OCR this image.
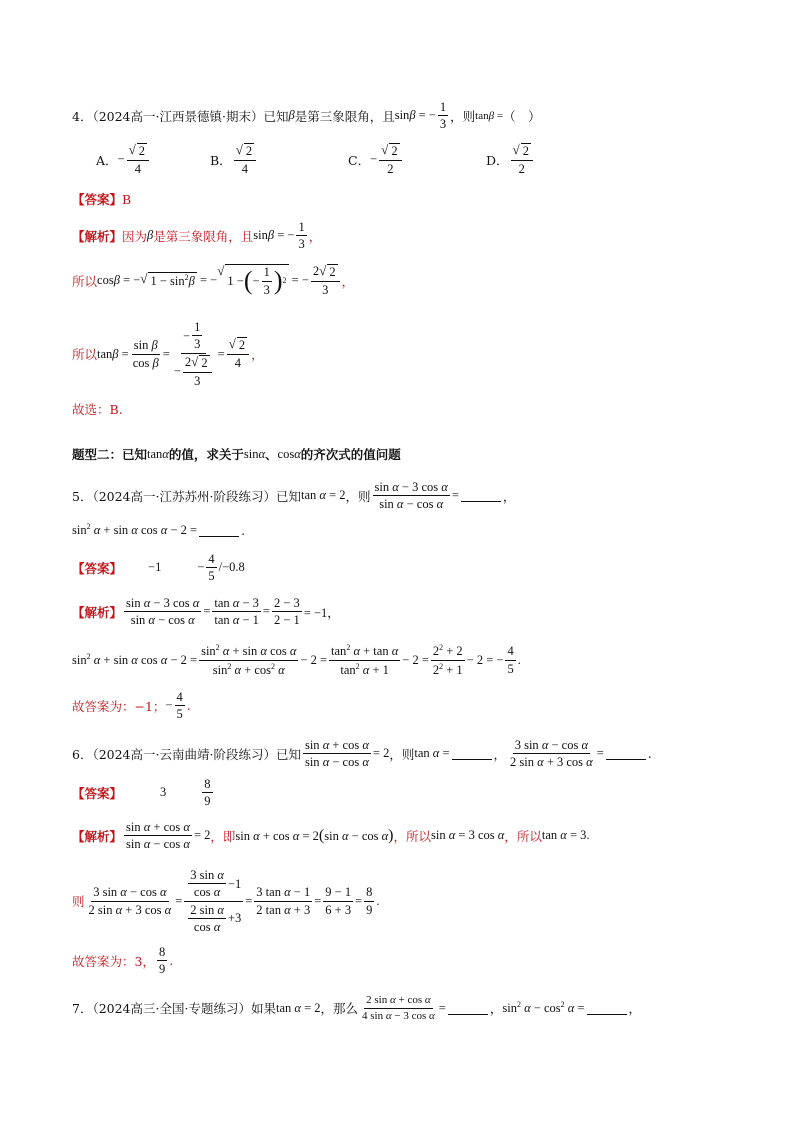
4．（2024高一·江西景德镇·期末）已知 β 是第三象限角，且 sinβ = − $\frac{1}{3}$ ，则 tanβ = （　）
A． − $\frac{√ 2}{4}$	B． $\frac{√ 2}{4}$	C． − $\frac{√ 2}{2}$	D． $\frac{√ 2}{2}$
【答案】 B
【解析】 因为 β 是第三象限角，且 sinβ = − $\frac{1}{3}$ ，
所以 cosβ = − √ $1 - \sin^2\beta$ = −
√
1 − ( − $\frac{1}{3}$ ) 2 = − $\frac{2 √ 2}{3}$ ，
所以 $\tan\beta = \frac{\text{sin β}}{\text{cos β}} = \frac{- \frac{1}{3}}{- \frac{2 √ 2}{3}} = \frac{√ 2}{4}$ ，
故选：B.
题型二：已知 tanα 的值，求关于 sinα 、 cosα 的齐次式的值问题
5．（2024高一·江苏苏州·阶段练习）已知 tan α = 2 ，则 $\frac{\text{sin α − 3 cos α}}{\text{sin α − cos α}}$ =	，
$\sin^2 \alpha + \sin \alpha$ cos α − 2 =	.
【答案】 −1	− $\frac{4}{5} /-0.8$
【解析】 $\frac{\text{sin α − 3 cos α}}{\text{sin α − cos α}} = \frac{\text{tan α − 3}}{\text{tan α − 1}} = \frac{2 - 3}{2 - 1} = -1$，
$\sin^2 \alpha + \sin \alpha$ $\cos \alpha - 2 = \frac{\sin^2 \alpha + \sin \alpha \cos \alpha}{\sin^2 \alpha + \cos^2 \alpha} - 2 = \frac{\tan^2 \alpha + \tan \alpha}{\tan^2 \alpha + 1} - 2 = \frac{2^2 + 2}{2^2 + 1} - 2$ = − $\frac{4}{5}$ .
故答案为：−1； − $\frac{4}{5}$ .
6．（2024高一·云南曲靖·阶段练习）已知 $\frac{\text{sin α + cos α}}{\text{sin α − cos α}} = 2$ ，则 tan α =	， $\frac{\text{3 sin α − cos α}}{\text{2 sin α + 3 cos α}}$ =	.
【答案】	3	$\frac{8}{9}$
【解析】 $\frac{\text{sin α + cos α}}{\text{sin α − cos α}} = 2$ ，即 sin α + cos α = 2(sin α − cos α) ，所以 sin α = 3 cos α ，所以 tan α = 3.
则 $\frac{\text{3 sin α − cos α}}{\text{2 sin α + 3 cos α}} = \frac{\frac{\text{3 sin α}}{\text{cos α}} -1}{\frac{\text{2 sin α}}{\text{cos α}} +3} = \frac{\text{3 tan α − 1}}{\text{2 tan α + 3}} = \frac{9 - 1}{6 + 3} = \frac{8}{9}$ .
故答案为：3， $\frac{8}{9}$ .
7．（2024高三·全国·专题练习）如果 tan α = 2 ，那么 $\frac{\text{2 sin α + cos α}}{\text{4 sin α − 3 cos α}}$ =	， $\sin^2 \alpha - \cos^2 \alpha$ =	，
